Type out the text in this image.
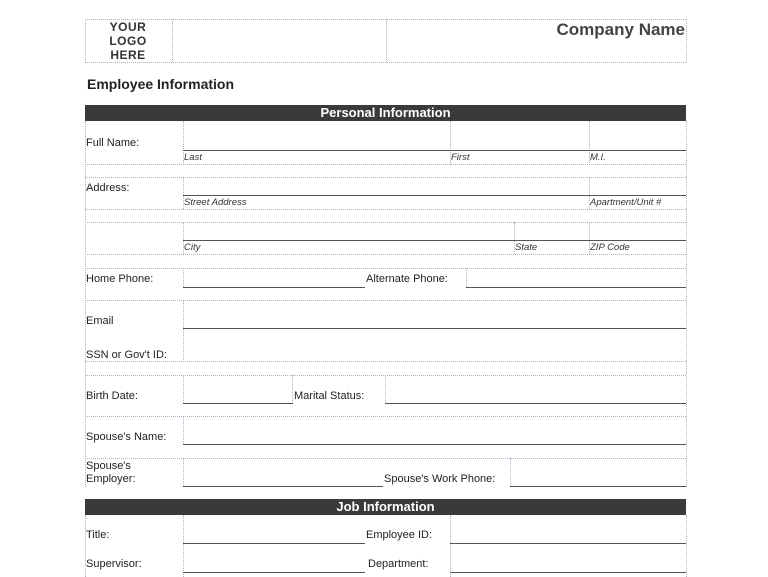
YOUR LOGO HERE
Company Name
Employee Information
Personal Information
Full Name:
Last	First	M.I.
Address:
Street Address	Apartment/Unit #
City	State	ZIP Code
Home Phone:	Alternate Phone:
Email
SSN or Gov't ID:
Birth Date:	Marital Status:
Spouse's Name:
Spouse's Employer:	Spouse's Work Phone:
Job Information
Title:	Employee ID:
Supervisor:	Department:
